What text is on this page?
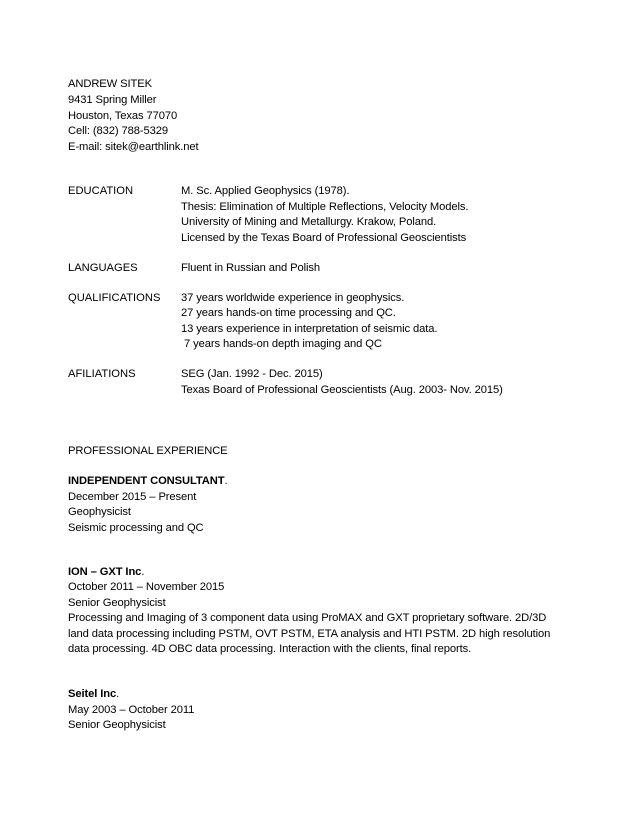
ANDREW SITEK
9431 Spring Miller
Houston, Texas 77070
Cell: (832) 788-5329
E-mail: sitek@earthlink.net
EDUCATION	M. Sc. Applied Geophysics (1978).
Thesis: Elimination of Multiple Reflections, Velocity Models.
University of Mining and Metallurgy. Krakow, Poland.
Licensed by the Texas Board of Professional Geoscientists
LANGUAGES	Fluent in Russian and Polish
QUALIFICATIONS 37 years worldwide experience in geophysics.
27 years hands-on time processing and QC.
13 years experience in interpretation of seismic data.
7 years hands-on depth imaging and QC
AFILIATIONS	SEG (Jan. 1992 - Dec. 2015)
Texas Board of Professional Geoscientists (Aug. 2003- Nov. 2015)
PROFESSIONAL EXPERIENCE
INDEPENDENT CONSULTANT.
December 2015 – Present
Geophysicist
Seismic processing and QC
ION – GXT Inc.
October 2011 – November 2015
Senior Geophysicist
Processing and Imaging of 3 component data using ProMAX and GXT proprietary software. 2D/3D
land data processing including PSTM, OVT PSTM, ETA analysis and HTI PSTM. 2D high resolution
data processing. 4D OBC data processing. Interaction with the clients, final reports.
Seitel Inc.
May 2003 – October 2011
Senior Geophysicist
